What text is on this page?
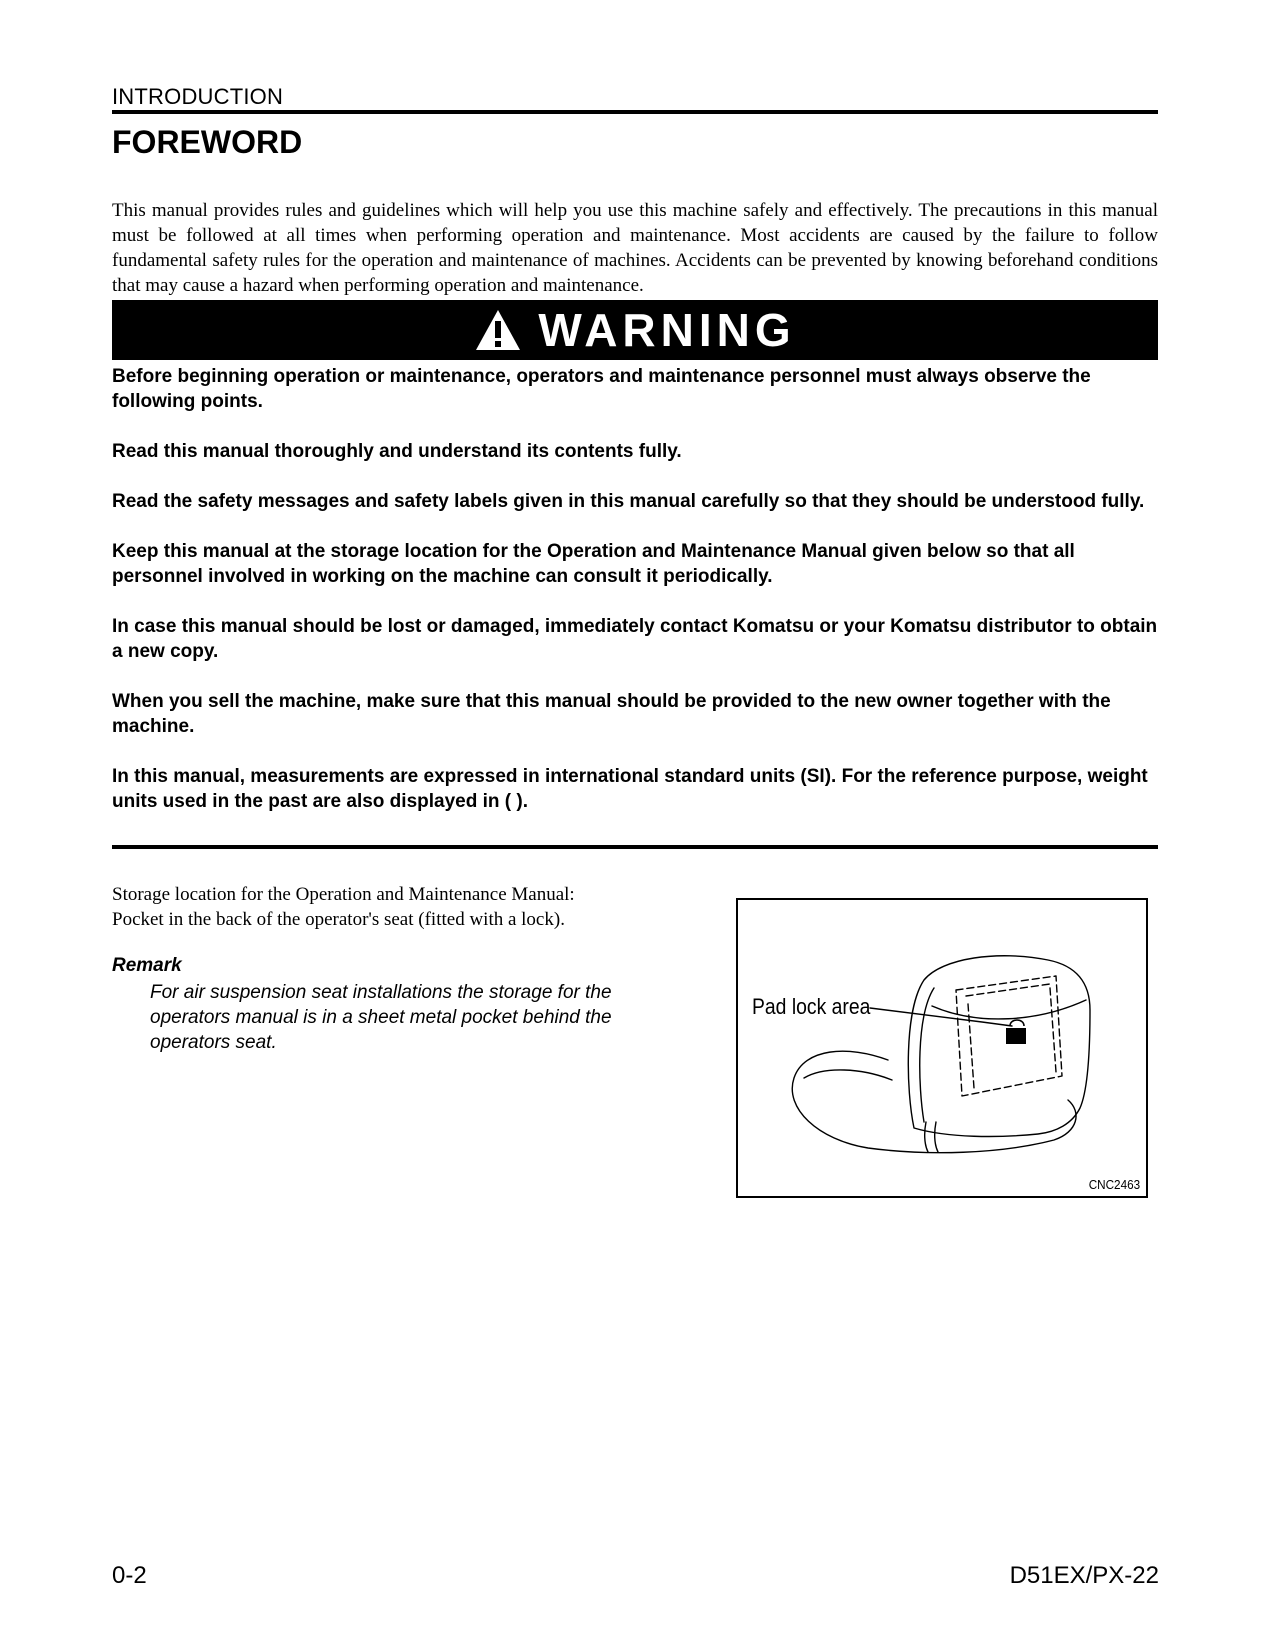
INTRODUCTION
FOREWORD
This manual provides rules and guidelines which will help you use this machine safely and effectively. The precautions in this manual must be followed at all times when performing operation and maintenance. Most accidents are caused by the failure to follow fundamental safety rules for the operation and maintenance of machines. Accidents can be prevented by knowing beforehand conditions that may cause a hazard when performing operation and maintenance.
WARNING

Before beginning operation or maintenance, operators and maintenance personnel must always observe the following points.

Read this manual thoroughly and understand its contents fully.

Read the safety messages and safety labels given in this manual carefully so that they should be understood fully.

Keep this manual at the storage location for the Operation and Maintenance Manual given below so that all personnel involved in working on the machine can consult it periodically.

In case this manual should be lost or damaged, immediately contact Komatsu or your Komatsu distributor to obtain a new copy.

When you sell the machine, make sure that this manual should be provided to the new owner together with the machine.

In this manual, measurements are expressed in international standard units (SI). For the reference purpose, weight units used in the past are also displayed in ( ).

Storage location for the Operation and Maintenance Manual:
Pocket in the back of the operator's seat (fitted with a lock).
Remark
For air suspension seat installations the storage for the operators manual is in a sheet metal pocket behind the operators seat.
Pad lock area
CNC2463
0-2	D51EX/PX-22
